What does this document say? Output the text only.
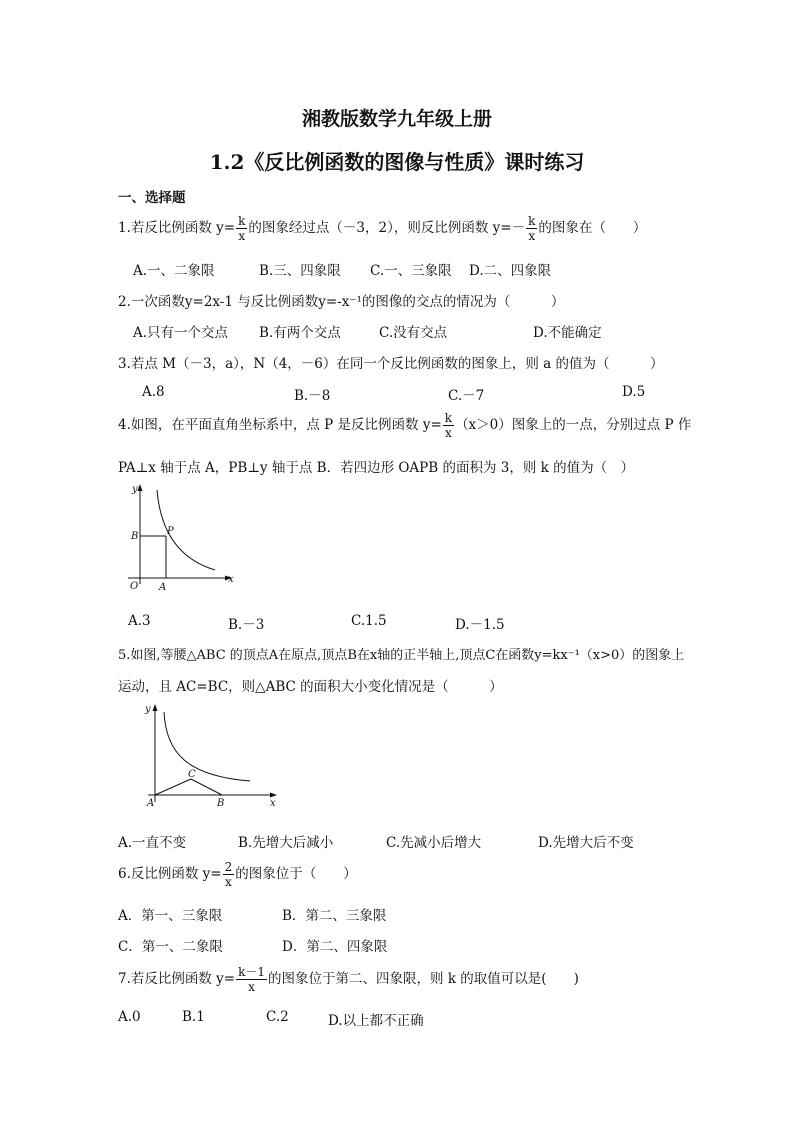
湘教版数学九年级上册
1.2《反比例函数的图像与性质》课时练习
一、选择题
1.若反比例函数 $y= \frac{k}{x}$ 的图象经过点（－3，2），则反比例函数 $y=- \frac{k}{x}$ 的图象在（　　）
A.一、二象限	B.三、四象限 C.一、三象限 D.二、四象限
2.一次函数y=2x-1 与反比例函数y=-x⁻¹的图像的交点的情况为（　　　）
A.只有一个交点 B.有两个交点	C.没有交点	D.不能确定
3.若点 M（－3，a），N（4，－6）在同一个反比例函数的图象上，则 a 的值为（　　　）
A.8	B.－8	C.－7	D.5
4.如图，在平面直角坐标系中，点 P 是反比例函数 $y= \frac{k}{x} (x>0)$图象上的一点，分别过点 P 作
PA⊥x 轴于点 A，PB⊥y 轴于点 B．若四边形 OAPB 的面积为 3，则 k 的值为（　）
y
x
B	P
O A
A.3	B.－3	C.1.5	D.－1.5
5.如图,等腰△ABC 的顶点A在原点,顶点B在x轴的正半轴上,顶点C在函数y=kx⁻¹（x>0）的图象上
运动，且 AC=BC，则△ABC 的面积大小变化情况是（　　　）
y
x
C
A	B
A.一直不变	B.先增大后减小	C.先减小后增大	D.先增大后不变
6.反比例函数 $y= \frac{2}{x}$ 的图象位于（　　）
A．第一、三象限	B．第二、三象限
C．第一、二象限	D．第二、四象限
7.若反比例函数 $y= \frac{k-1}{x}$ 的图象位于第二、四象限，则 k 的取值可以是(　　)
A.0	B.1	C.2	D.以上都不正确
